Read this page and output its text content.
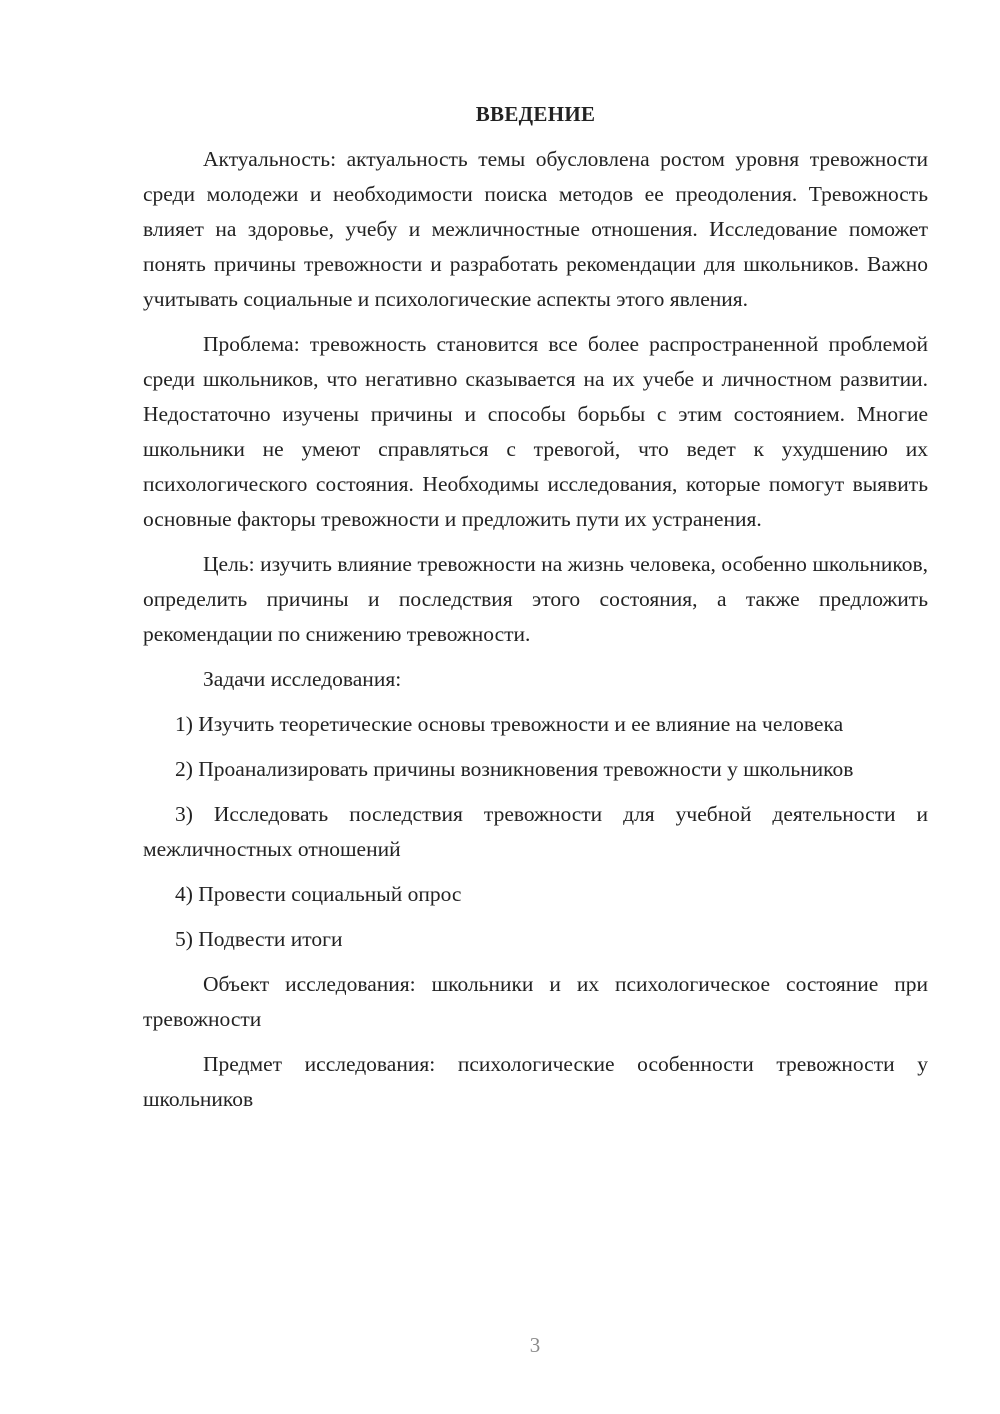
ВВЕДЕНИЕ

Актуальность: актуальность темы обусловлена ростом уровня тревожности среди молодежи и необходимости поиска методов ее преодоления. Тревожность влияет на здоровье, учебу и межличностные отношения. Исследование поможет понять причины тревожности и разработать рекомендации для школьников. Важно учитывать социальные и психологические аспекты этого явления.

Проблема: тревожность становится все более распространенной проблемой среди школьников, что негативно сказывается на их учебе и личностном развитии. Недостаточно изучены причины и способы борьбы с этим состоянием. Многие школьники не умеют справляться с тревогой, что ведет к ухудшению их психологического состояния. Необходимы исследования, которые помогут выявить основные факторы тревожности и предложить пути их устранения.

Цель: изучить влияние тревожности на жизнь человека, особенно школьников, определить причины и последствия этого состояния, а также предложить рекомендации по снижению тревожности.

Задачи исследования:

1) Изучить теоретические основы тревожности и ее влияние на человека

2) Проанализировать причины возникновения тревожности у школьников

3) Исследовать последствия тревожности для учебной деятельности и межличностных отношений

4) Провести социальный опрос

5) Подвести итоги

Объект исследования: школьники и их психологическое состояние при тревожности

Предмет исследования: психологические особенности тревожности у школьников

3
